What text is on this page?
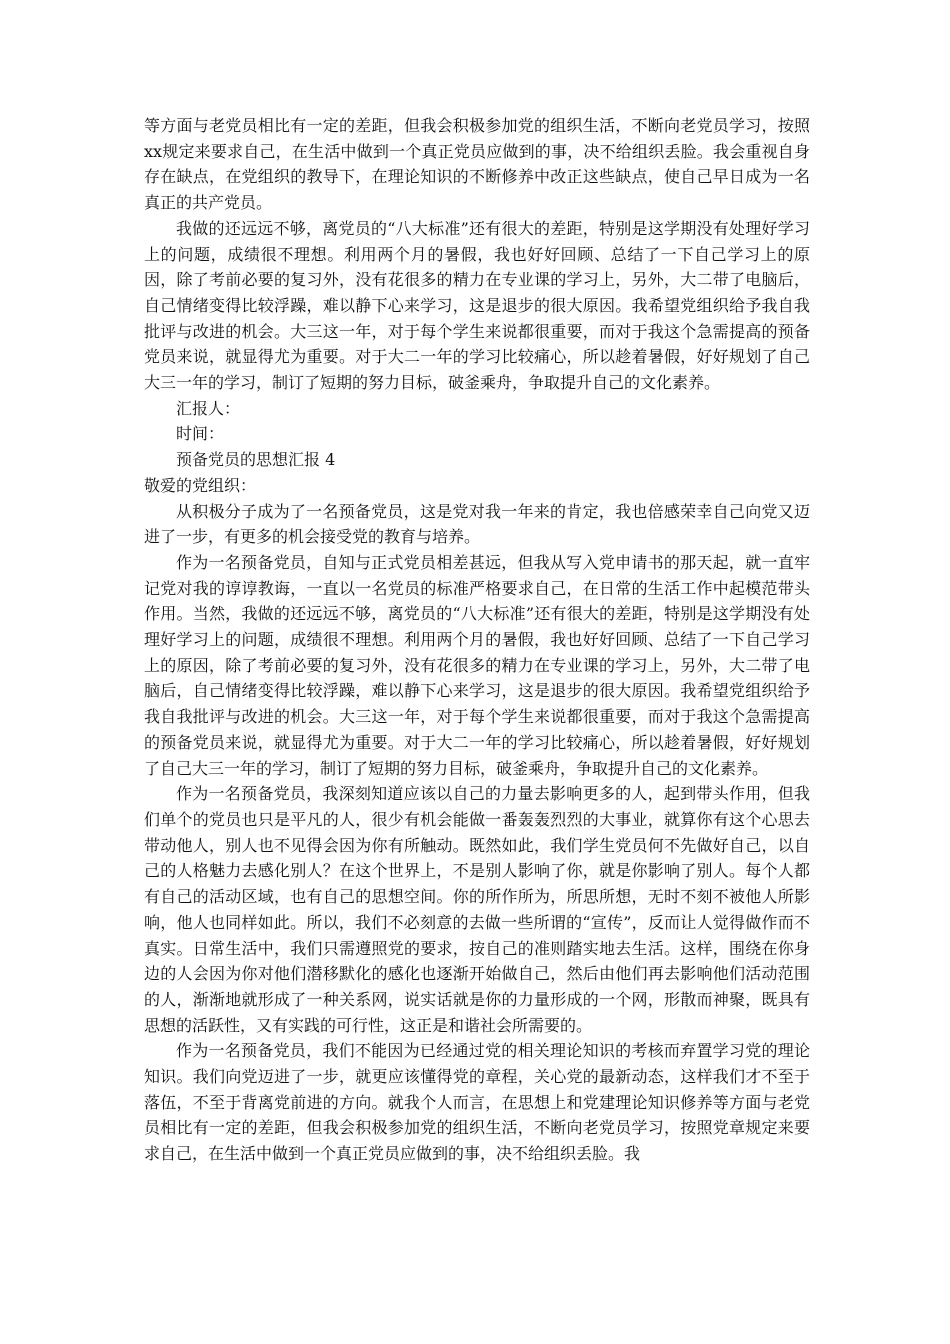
等方面与老党员相比有一定的差距，但我会积极参加党的组织生活，不断向老党员学习，按照xx规定来要求自己，在生活中做到一个真正党员应做到的事，决不给组织丢脸。我会重视自身存在缺点，在党组织的教导下，在理论知识的不断修养中改正这些缺点，使自己早日成为一名真正的共产党员。

我做的还远远不够，离党员的“八大标准”还有很大的差距，特别是这学期没有处理好学习上的问题，成绩很不理想。利用两个月的暑假，我也好好回顾、总结了一下自己学习上的原因，除了考前必要的复习外，没有花很多的精力在专业课的学习上，另外，大二带了电脑后，自己情绪变得比较浮躁，难以静下心来学习，这是退步的很大原因。我希望党组织给予我自我批评与改进的机会。大三这一年，对于每个学生来说都很重要，而对于我这个急需提高的预备党员来说，就显得尤为重要。对于大二一年的学习比较痛心，所以趁着暑假，好好规划了自己大三一年的学习，制订了短期的努力目标，破釜乘舟，争取提升自己的文化素养。

汇报人：

时间：

预备党员的思想汇报 4

敬爱的党组织：

从积极分子成为了一名预备党员，这是党对我一年来的肯定，我也倍感荣幸自己向党又迈进了一步，有更多的机会接受党的教育与培养。

作为一名预备党员，自知与正式党员相差甚远，但我从写入党申请书的那天起，就一直牢记党对我的谆谆教诲，一直以一名党员的标准严格要求自己，在日常的生活工作中起模范带头作用。当然，我做的还远远不够，离党员的“八大标准”还有很大的差距，特别是这学期没有处理好学习上的问题，成绩很不理想。利用两个月的暑假，我也好好回顾、总结了一下自己学习上的原因，除了考前必要的复习外，没有花很多的精力在专业课的学习上，另外，大二带了电脑后，自己情绪变得比较浮躁，难以静下心来学习，这是退步的很大原因。我希望党组织给予我自我批评与改进的机会。大三这一年，对于每个学生来说都很重要，而对于我这个急需提高的预备党员来说，就显得尤为重要。对于大二一年的学习比较痛心，所以趁着暑假，好好规划了自己大三一年的学习，制订了短期的努力目标，破釜乘舟，争取提升自己的文化素养。

作为一名预备党员，我深刻知道应该以自己的力量去影响更多的人，起到带头作用，但我们单个的党员也只是平凡的人，很少有机会能做一番轰轰烈烈的大事业，就算你有这个心思去带动他人，别人也不见得会因为你有所触动。既然如此，我们学生党员何不先做好自己，以自己的人格魅力去感化别人？在这个世界上，不是别人影响了你，就是你影响了别人。每个人都有自己的活动区域，也有自己的思想空间。你的所作所为，所思所想，无时不刻不被他人所影响，他人也同样如此。所以，我们不必刻意的去做一些所谓的“宣传”，反而让人觉得做作而不真实。日常生活中，我们只需遵照党的要求，按自己的准则踏实地去生活。这样，围绕在你身边的人会因为你对他们潜移默化的感化也逐渐开始做自己，然后由他们再去影响他们活动范围的人，渐渐地就形成了一种关系网，说实话就是你的力量形成的一个网，形散而神聚，既具有思想的活跃性，又有实践的可行性，这正是和谐社会所需要的。

作为一名预备党员，我们不能因为已经通过党的相关理论知识的考核而弃置学习党的理论知识。我们向党迈进了一步，就更应该懂得党的章程，关心党的最新动态，这样我们才不至于落伍，不至于背离党前进的方向。就我个人而言，在思想上和党建理论知识修养等方面与老党员相比有一定的差距，但我会积极参加党的组织生活，不断向老党员学习，按照党章规定来要求自己，在生活中做到一个真正党员应做到的事，决不给组织丢脸。我
